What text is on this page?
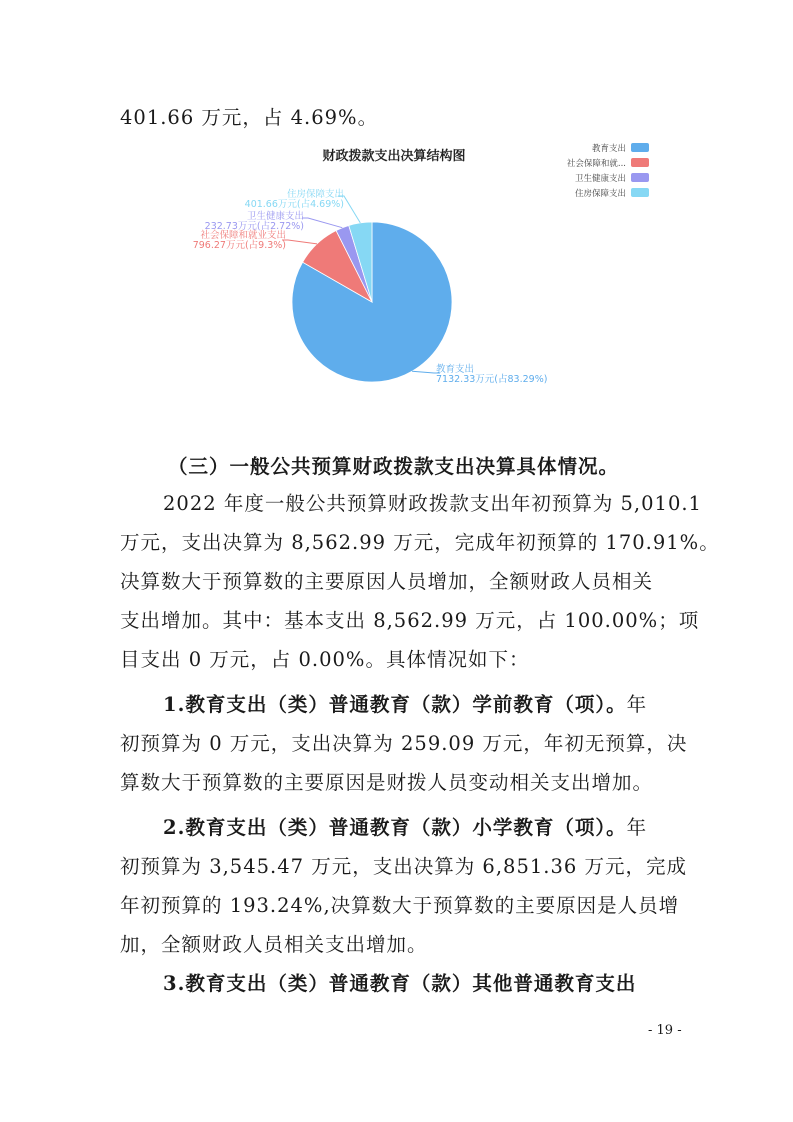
401.66 万元，占 4.69%。
财政拨款支出决算结构图
教育支出
7132.33万元(占83.29%)
社会保障和就业支出
796.27万元(占9.3%)
卫生健康支出
232.73万元(占2.72%)
住房保障支出
401.66万元(占4.69%)
教育支出
社会保障和就...
卫生健康支出
住房保障支出
（三）一般公共预算财政拨款支出决算具体情况。
2022 年度一般公共预算财政拨款支出年初预算为 5,010.1
万元，支出决算为 8,562.99 万元，完成年初预算的 170.91%。
决算数大于预算数的主要原因人员增加，全额财政人员相关
支出增加。其中：基本支出 8,562.99 万元，占 100.00%；项
目支出 0 万元，占 0.00%。具体情况如下：
1.教育支出（类）普通教育（款）学前教育（项）。年
初预算为 0 万元，支出决算为 259.09 万元，年初无预算，决
算数大于预算数的主要原因是财拨人员变动相关支出增加。
2.教育支出（类）普通教育（款）小学教育（项）。年
初预算为 3,545.47 万元，支出决算为 6,851.36 万元，完成
年初预算的 193.24%,决算数大于预算数的主要原因是人员增
加，全额财政人员相关支出增加。
3.教育支出（类）普通教育（款）其他普通教育支出
- 19 -
